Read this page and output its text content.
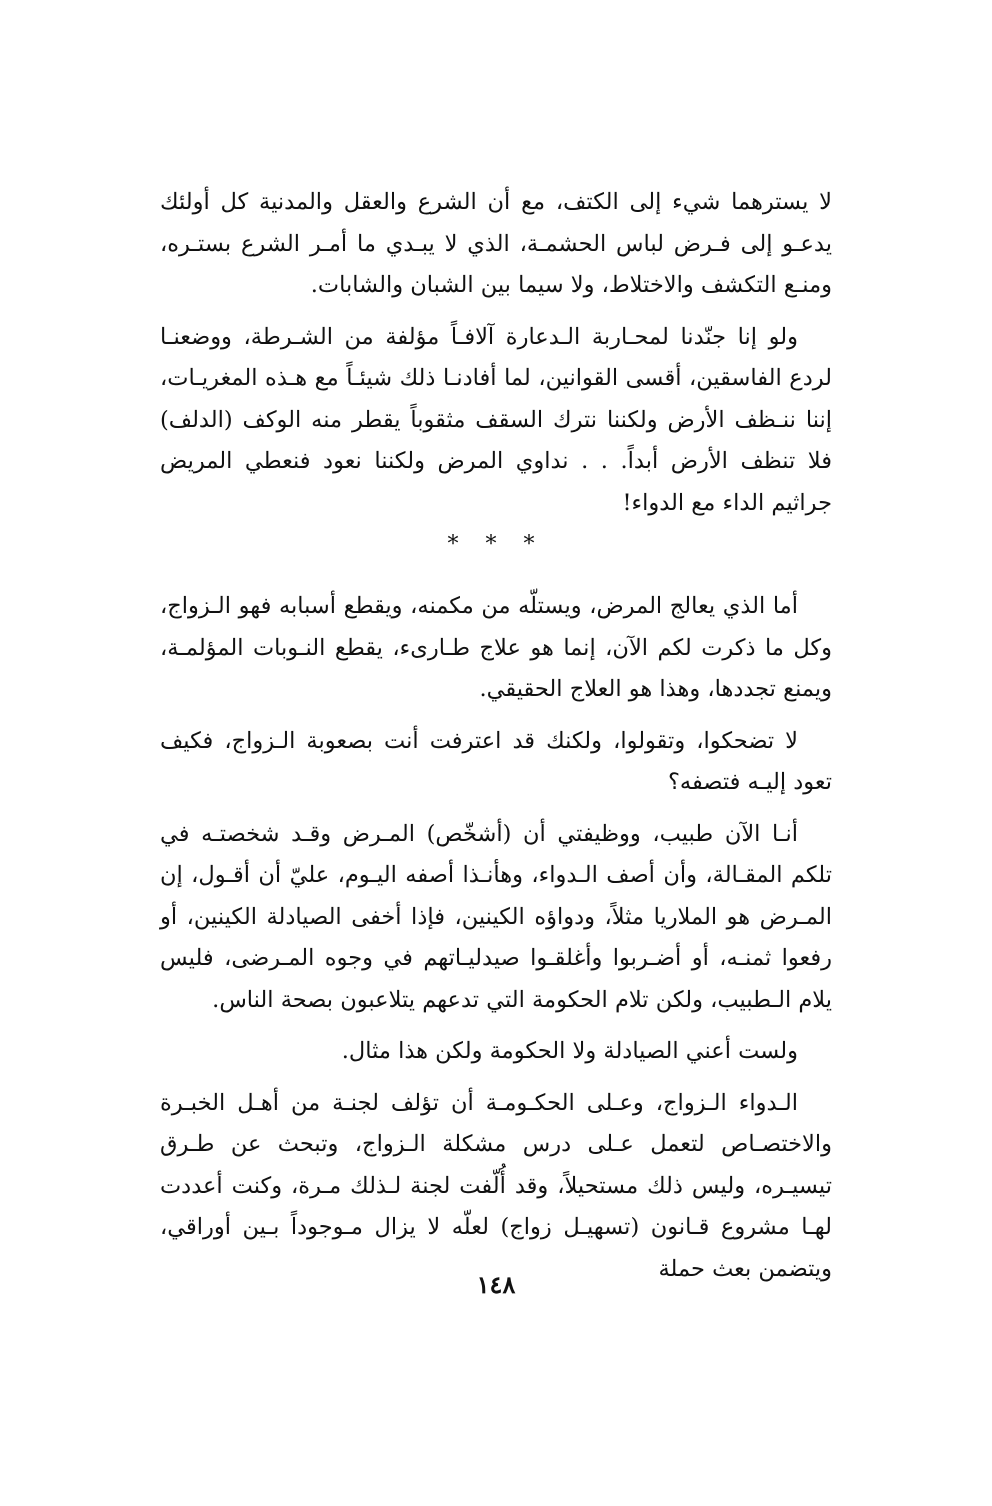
لا يسترهما شيء إلى الكتف، مع أن الشرع والعقل والمدنية كل أولئك يدعـو إلى فـرض لباس الحشمـة، الذي لا يبـدي ما أمـر الشرع بستـره، ومنـع التكشف والاختلاط، ولا سيما بين الشبان والشابات.

ولو إنا جنّدنا لمحـاربة الـدعارة آلافـاً مؤلفة من الشـرطة، ووضعنـا لردع الفاسقين، أقسى القوانين، لما أفادنـا ذلك شيئـاً مع هـذه المغريـات، إننا ننـظف الأرض ولكننا نترك السقف مثقوباً يقطر منه الوكف (الدلف) فلا تنظف الأرض أبداً. . . نداوي المرض ولكننا نعود فنعطي المريض جراثيم الداء مع الدواء!

* * *

أما الذي يعالج المرض، ويستلّه من مكمنه، ويقطع أسبابه فهو الـزواج، وكل ما ذكرت لكم الآن، إنما هو علاج طـارىء، يقطع النـوبات المؤلمـة، ويمنع تجددها، وهذا هو العلاج الحقيقي.

لا تضحكوا، وتقولوا، ولكنك قد اعترفت أنت بصعوبة الـزواج، فكيف تعود إليـه فتصفه؟

أنـا الآن طبيب، ووظيفتي أن (أشخّص) المـرض وقـد شخصتـه في تلكم المقـالة، وأن أصف الـدواء، وهأنـذا أصفه اليـوم، عليّ أن أقـول، إن المـرض هو الملاريا مثلاً، ودواؤه الكينين، فإذا أخفى الصيادلة الكينين، أو رفعوا ثمنـه، أو أضـربوا وأغلقـوا صيدليـاتهم في وجوه المـرضى، فليس يلام الـطبيب، ولكن تلام الحكومة التي تدعهم يتلاعبون بصحة الناس.

ولست أعني الصيادلة ولا الحكومة ولكن هذا مثال.

الـدواء الـزواج، وعـلى الحكـومـة أن تؤلف لجنـة من أهـل الخبـرة والاختصـاص لتعمل عـلى درس مشكلة الـزواج، وتبحث عن طـرق تيسيـره، وليس ذلك مستحيلاً، وقد أُلّفت لجنة لـذلك مـرة، وكنت أعددت لهـا مشروع قـانون (تسهيـل زواج) لعلّه لا يزال مـوجوداً بـين أوراقي، ويتضمن بعث حملة

١٤٨
